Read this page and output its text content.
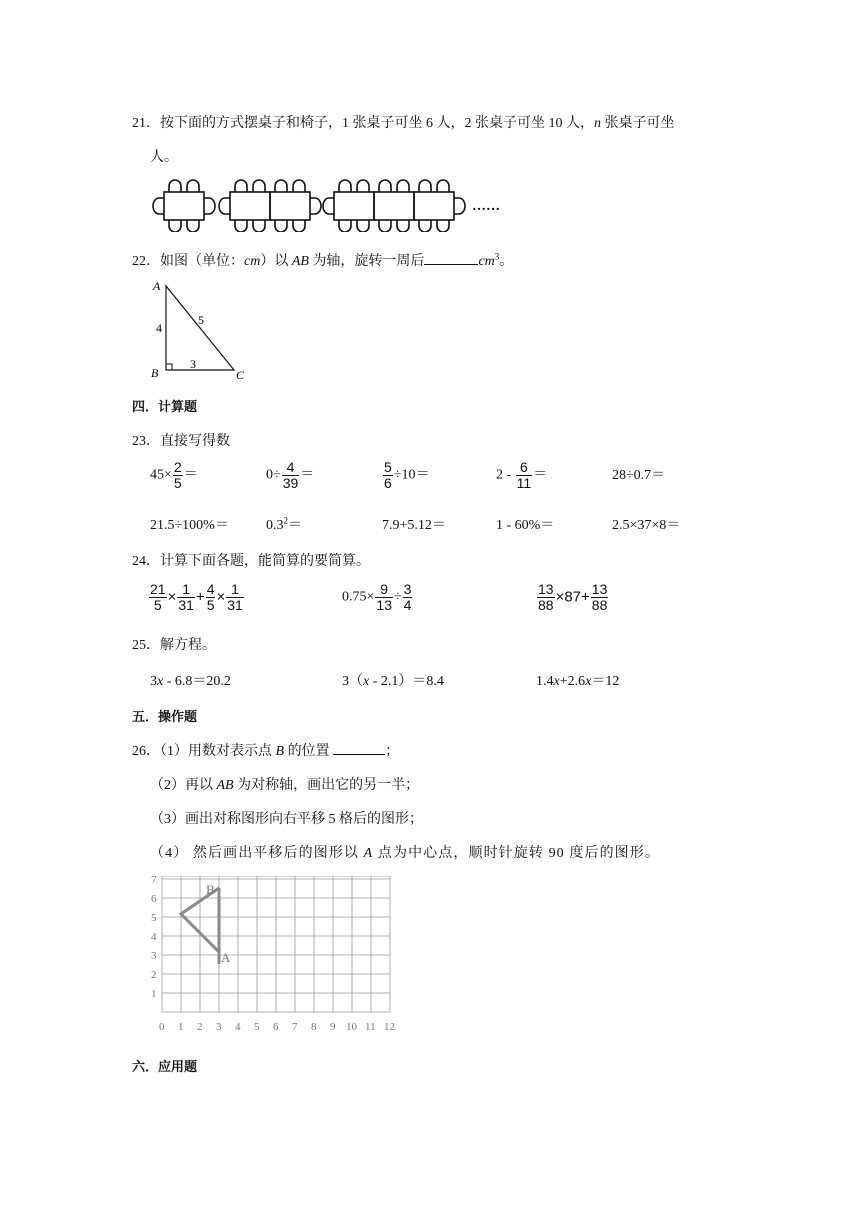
21．按下面的方式摆桌子和椅子，1 张桌子可坐 6 人，2 张桌子可坐 10 人，n 张桌子可坐
人。
……
22．如图（单位：cm）以 AB 为轴，旋转一周后	$cm^3$。
A
B	C
4
3
5
四．计算题
23．直接写得数
$45\times \frac{2}{5}$ ＝	$0\div \frac{4}{39}$ ＝	$\frac{5}{6} \div 10=$	$2 - \frac{6}{11}$ ＝	28÷0.7＝
21.5÷100%＝	$0.3^2=$	7.9+5.12＝	1 - 60%＝	2.5×37×8＝
24．计算下面各题，能简算的要简算。
$\frac{21}{5} \times \frac{1}{31} + \frac{4}{5} \times \frac{1}{31}$	$0.75\times \frac{9}{13} \div \frac{3}{4}$	$\frac{13}{88} \times 87+ \frac{13}{88}$
25．解方程。
3x - 6.8＝20.2	3（x - 2.1）＝8.4	1.4x+2.6x＝12
五．操作题
26．（1）用数对表示点 B 的位置	；
（2）再以 AB 为对称轴，画出它的另一半；
（3）画出对称图形向右平移 5 格后的图形；
（4） 然后画出平移后的图形以 A 点为中心点，顺时针旋转 90 度后的图形。
0 1 2 3 4 5 6 7 8 9 10 11 12
1
2
3
4
5
6
7
B
A
六．应用题
